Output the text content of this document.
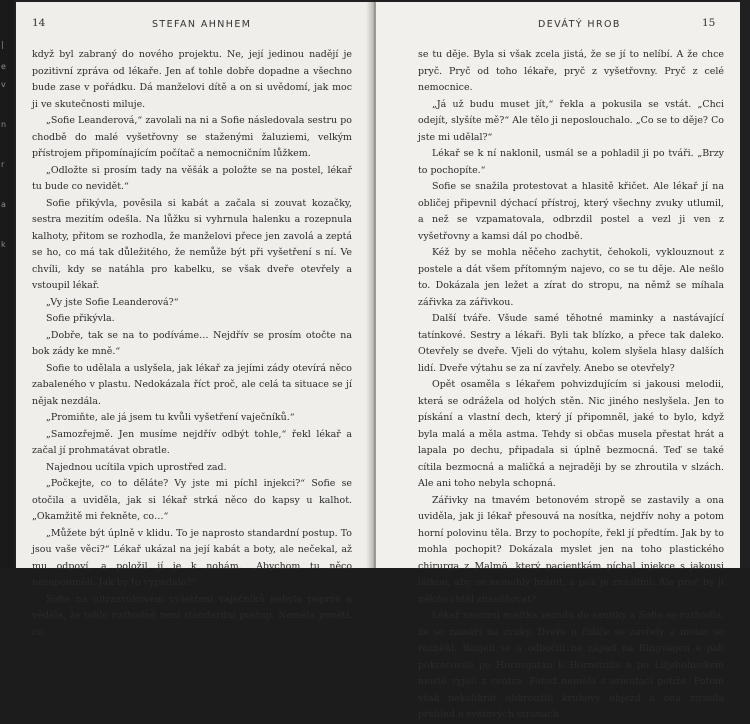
|
e
v
n
r
a
k
14	STEFAN AHNHEM

když byl zabraný do nového projektu. Ne, její jedinou nadějí je pozitivní zpráva od lékaře. Jen ať tohle dobře dopadne a všechno bude zase v pořádku. Dá manželovi dítě a on si uvědomí, jak moc ji ve skutečnosti miluje.

„Sofie Leanderová,“ zavolali na ni a Sofie následovala sestru po chodbě do malé vyšetřovny se staženými žaluziemi, velkým přístrojem připomínajícím počítač a nemocničním lůžkem.

„Odložte si prosím tady na věšák a položte se na postel, lékař tu bude co nevidět.“

Sofie přikývla, pověsila si kabát a začala si zouvat kozačky, sestra mezitím odešla. Na lůžku si vyhrnula halenku a rozepnula kalhoty, přitom se rozhodla, že manželovi přece jen zavolá a zeptá se ho, co má tak důležitého, že nemůže být při vyšetření s ní. Ve chvíli, kdy se natáhla pro kabelku, se však dveře otevřely a vstoupil lékař.

„Vy jste Sofie Leanderová?“

Sofie přikývla.

„Dobře, tak se na to podíváme… Nejdřív se prosím otočte na bok zády ke mně.“

Sofie to udělala a uslyšela, jak lékař za jejími zády otevírá něco zabaleného v plastu. Nedokázala říct proč, ale celá ta situace se jí nějak nezdála.

„Promiňte, ale já jsem tu kvůli vyšetření vaječníků.“

„Samozřejmě. Jen musíme nejdřív odbýt tohle,“ řekl lékař a začal jí prohmatávat obratle.

Najednou ucítila vpich uprostřed zad.

„Počkejte, co to děláte? Vy jste mi píchl injekci?“ Sofie se otočila a uviděla, jak si lékař strká něco do kapsy u kalhot. „Okamžitě mi řekněte, co…“

„Můžete být úplně v klidu. To je naprosto standardní postup. To jsou vaše věci?“ Lékař ukázal na její kabát a boty, ale nečekal, až mu odpoví, a položil jí je k nohám. „Abychom tu něco nezapomněli. Jak by to vypadalo?“

Sofie na ultrazvukovém vyšetření vaječníků nebyla poprvé a věděla, že tohle rozhodně není standardní postup. Neměla ponětí, co

DEVÁTÝ HROB	15

se tu děje. Byla si však zcela jistá, že se jí to nelíbí. A že chce pryč. Pryč od toho lékaře, pryč z vyšetřovny. Pryč z celé nemocnice.

„Já už budu muset jít,“ řekla a pokusila se vstát. „Chci odejít, slyšíte mě?“ Ale tělo ji neposlouchalo. „Co se to děje? Co jste mi udělal?“

Lékař se k ní naklonil, usmál se a pohladil ji po tváři. „Brzy to pochopíte.“

Sofie se snažila protestovat a hlasitě křičet. Ale lékař jí na obličej připevnil dýchací přístroj, který všechny zvuky utlumil, a než se vzpamatovala, odbrzdil postel a vezl ji ven z vyšetřovny a kamsi dál po chodbě.

Kéž by se mohla něčeho zachytit, čehokoli, vyklouznout z postele a dát všem přítomným najevo, co se tu děje. Ale nešlo to. Dokázala jen ležet a zírat do stropu, na němž se míhala zářivka za zářivkou.

Další tváře. Všude samé těhotné maminky a nastávající tatínkové. Sestry a lékaři. Byli tak blízko, a přece tak daleko. Otevřely se dveře. Vjeli do výtahu, kolem slyšela hlasy dalších lidí. Dveře výtahu se za ní zavřely. Anebo se otevřely?

Opět osaměla s lékařem pohvizdujícím si jakousi melodii, která se odrážela od holých stěn. Nic jiného neslyšela. Jen to pískání a vlastní dech, který jí připomněl, jaké to bylo, když byla malá a měla astma. Tehdy si občas musela přestat hrát a lapala po dechu, připadala si úplně bezmocná. Teď se také cítila bezmocná a maličká a nejraději by se zhroutila v slzách. Ale ani toho nebyla schopná.

Zářivky na tmavém betonovém stropě se zastavily a ona uviděla, jak ji lékař přesouvá na nosítka, nejdřív nohy a potom horní polovinu těla. Brzy to pochopíte, řekl jí předtím. Jak by to mohla pochopit? Dokázala myslet jen na toho plastického chirurga z Malmö, který pacientkám píchal injekce s jakousi látkou, aby se nemohly bránit, a pak je znásilnil. Ale proč by ji někdo chtěl znásilňovat?

Lékař zasunul nosítka zezadu do sanitky a Sofie se rozhodla, že se zaměří na zvuky. Dveře u řidiče se zavřely a motor se rozběhl. Rozjeli se a odbočili na západ na Ringvägen a pak pokračovali po Hornsgatan k Hornstullu a po Liljeholmském mostě vyjeli z centra. Potud neměla s orientací potíže. Potom však nekolikrát obkroužili kruhový objezd a ona ztratila přehled o světových stranách.
